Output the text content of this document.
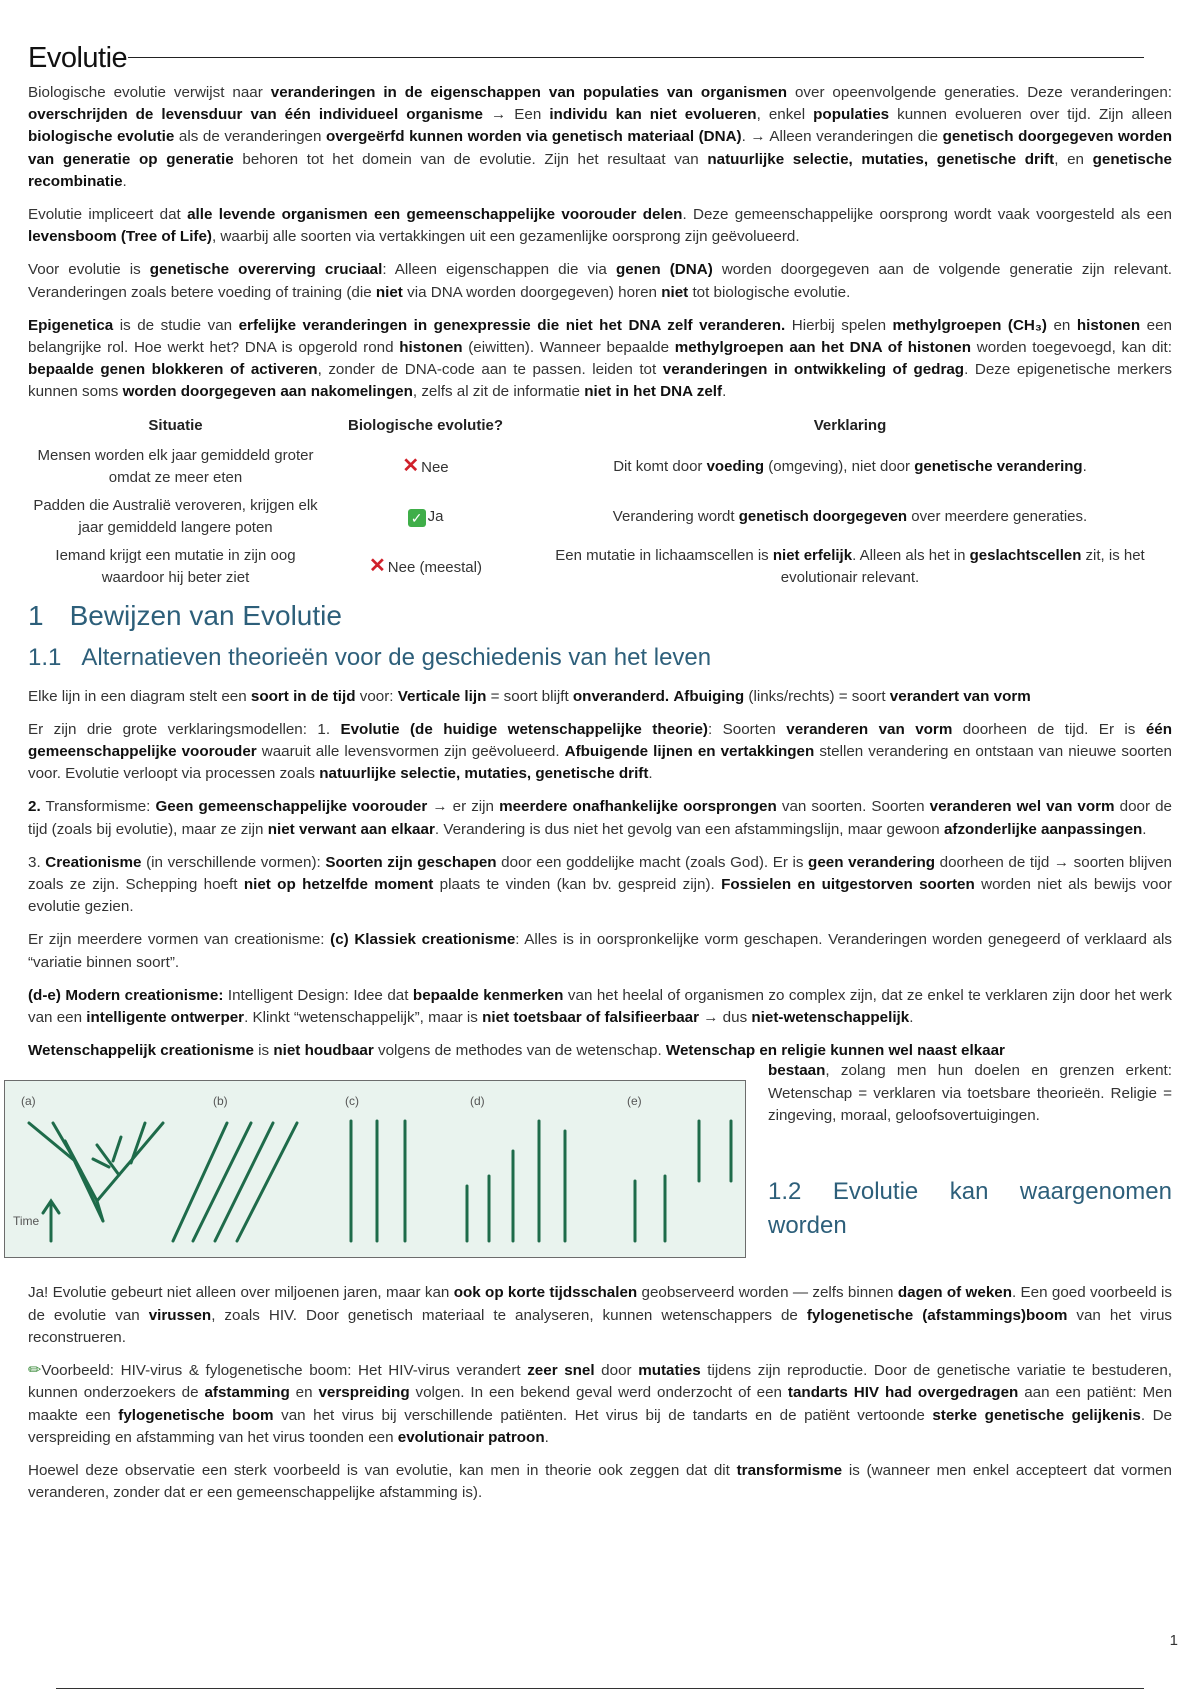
Evolutie

Biologische evolutie verwijst naar veranderingen in de eigenschappen van populaties van organismen over opeenvolgende generaties. Deze veranderingen: overschrijden de levensduur van één individueel organisme → Een individu kan niet evolueren, enkel populaties kunnen evolueren over tijd. Zijn alleen biologische evolutie als de veranderingen overgeërfd kunnen worden via genetisch materiaal (DNA). → Alleen veranderingen die genetisch doorgegeven worden van generatie op generatie behoren tot het domein van de evolutie. Zijn het resultaat van natuurlijke selectie, mutaties, genetische drift, en genetische recombinatie.

Evolutie impliceert dat alle levende organismen een gemeenschappelijke voorouder delen. Deze gemeenschappelijke oorsprong wordt vaak voorgesteld als een levensboom (Tree of Life), waarbij alle soorten via vertakkingen uit een gezamenlijke oorsprong zijn geëvolueerd.

Voor evolutie is genetische overerving cruciaal: Alleen eigenschappen die via genen (DNA) worden doorgegeven aan de volgende generatie zijn relevant. Veranderingen zoals betere voeding of training (die niet via DNA worden doorgegeven) horen niet tot biologische evolutie.

Epigenetica is de studie van erfelijke veranderingen in genexpressie die niet het DNA zelf veranderen. Hierbij spelen methylgroepen (CH₃) en histonen een belangrijke rol. Hoe werkt het? DNA is opgerold rond histonen (eiwitten). Wanneer bepaalde methylgroepen aan het DNA of histonen worden toegevoegd, kan dit: bepaalde genen blokkeren of activeren, zonder de DNA-code aan te passen. leiden tot veranderingen in ontwikkeling of gedrag. Deze epigenetische merkers kunnen soms worden doorgegeven aan nakomelingen, zelfs al zit de informatie niet in het DNA zelf.

Situatie	Biologische evolutie?	Verklaring
Mensen worden elk jaar gemiddeld groter omdat ze meer eten	✕ Nee	Dit komt door voeding (omgeving), niet door genetische verandering.
Padden die Australië veroveren, krijgen elk jaar gemiddeld langere poten	✓ Ja	Verandering wordt genetisch doorgegeven over meerdere generaties.
Iemand krijgt een mutatie in zijn oog waardoor hij beter ziet	✕ Nee (meestal)	Een mutatie in lichaamscellen is niet erfelijk. Alleen als het in geslachtscellen zit, is het evolutionair relevant.
1 Bewijzen van Evolutie
1.1 Alternatieven theorieën voor de geschiedenis van het leven

Elke lijn in een diagram stelt een soort in de tijd voor: Verticale lijn = soort blijft onveranderd. Afbuiging (links/rechts) = soort verandert van vorm

Er zijn drie grote verklaringsmodellen: 1. Evolutie (de huidige wetenschappelijke theorie): Soorten veranderen van vorm doorheen de tijd. Er is één gemeenschappelijke voorouder waaruit alle levensvormen zijn geëvolueerd. Afbuigende lijnen en vertakkingen stellen verandering en ontstaan van nieuwe soorten voor. Evolutie verloopt via processen zoals natuurlijke selectie, mutaties, genetische drift.

2. Transformisme: Geen gemeenschappelijke voorouder → er zijn meerdere onafhankelijke oorsprongen van soorten. Soorten veranderen wel van vorm door de tijd (zoals bij evolutie), maar ze zijn niet verwant aan elkaar. Verandering is dus niet het gevolg van een afstammingslijn, maar gewoon afzonderlijke aanpassingen.

3. Creationisme (in verschillende vormen): Soorten zijn geschapen door een goddelijke macht (zoals God). Er is geen verandering doorheen de tijd → soorten blijven zoals ze zijn. Schepping hoeft niet op hetzelfde moment plaats te vinden (kan bv. gespreid zijn). Fossielen en uitgestorven soorten worden niet als bewijs voor evolutie gezien.

Er zijn meerdere vormen van creationisme: (c) Klassiek creationisme: Alles is in oorspronkelijke vorm geschapen. Veranderingen worden genegeerd of verklaard als “variatie binnen soort”.

(d-e) Modern creationisme: Intelligent Design: Idee dat bepaalde kenmerken van het heelal of organismen zo complex zijn, dat ze enkel te verklaren zijn door het werk van een intelligente ontwerper. Klinkt “wetenschappelijk”, maar is niet toetsbaar of falsifieerbaar → dus niet-wetenschappelijk.

Wetenschappelijk creationisme is niet houdbaar volgens de methodes van de wetenschap. Wetenschap en religie kunnen wel naast elkaar

(a)	(b)	(c)	(d)	(e)
Time

bestaan, zolang men hun doelen en grenzen erkent: Wetenschap = verklaren via toetsbare theorieën. Religie = zingeving, moraal, geloofsovertuigingen.

1.2 Evolutie kan waargenomen worden

Ja! Evolutie gebeurt niet alleen over miljoenen jaren, maar kan ook op korte tijdsschalen geobserveerd worden — zelfs binnen dagen of weken. Een goed voorbeeld is de evolutie van virussen, zoals HIV. Door genetisch materiaal te analyseren, kunnen wetenschappers de fylogenetische (afstammings)boom van het virus reconstrueren.

✏Voorbeeld: HIV-virus & fylogenetische boom: Het HIV-virus verandert zeer snel door mutaties tijdens zijn reproductie. Door de genetische variatie te bestuderen, kunnen onderzoekers de afstamming en verspreiding volgen. In een bekend geval werd onderzocht of een tandarts HIV had overgedragen aan een patiënt: Men maakte een fylogenetische boom van het virus bij verschillende patiënten. Het virus bij de tandarts en de patiënt vertoonde sterke genetische gelijkenis. De verspreiding en afstamming van het virus toonden een evolutionair patroon.

Hoewel deze observatie een sterk voorbeeld is van evolutie, kan men in theorie ook zeggen dat dit transformisme is (wanneer men enkel accepteert dat vormen veranderen, zonder dat er een gemeenschappelijke afstamming is).

1
